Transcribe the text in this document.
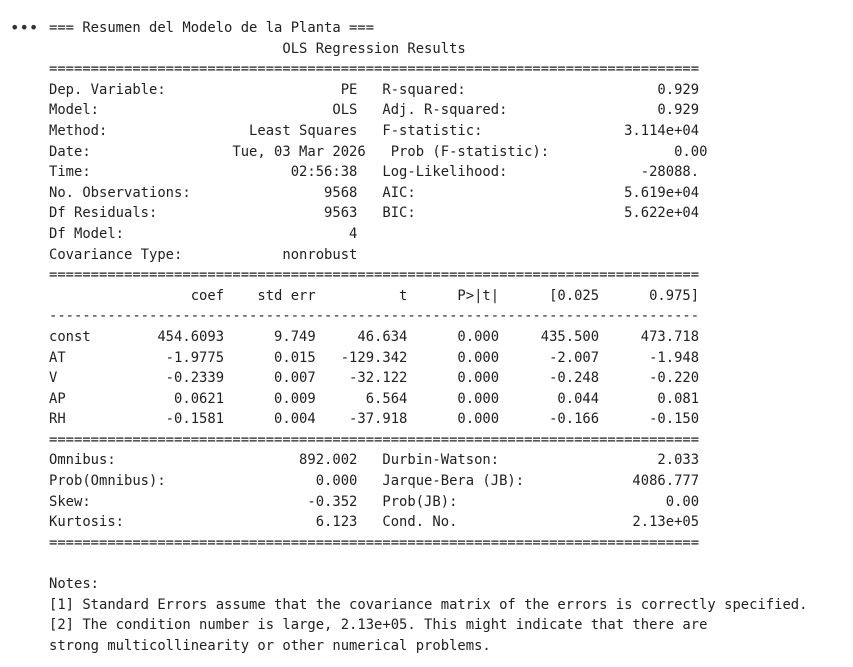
••• === Resumen del Modelo de la Planta ===
OLS Regression Results
==============================================================================
Dep. Variable:                     PE   R-squared:                       0.929
Model:                            OLS   Adj. R-squared:                  0.929
Method:                 Least Squares   F-statistic:                 3.114e+04
Date:                 Tue, 03 Mar 2026   Prob (F-statistic):               0.00
Time:                        02:56:38   Log-Likelihood:                -28088.
No. Observations:                9568   AIC:                         5.619e+04
Df Residuals:                    9563   BIC:                         5.622e+04
Df Model:                           4
Covariance Type:            nonrobust
==============================================================================
coef    std err          t      P>|t|      [0.025      0.975]
------------------------------------------------------------------------------
const        454.6093      9.749     46.634      0.000     435.500     473.718
AT            -1.9775      0.015   -129.342      0.000      -2.007      -1.948
V             -0.2339      0.007    -32.122      0.000      -0.248      -0.220
AP             0.0621      0.009      6.564      0.000       0.044       0.081
RH            -0.1581      0.004    -37.918      0.000      -0.166      -0.150
==============================================================================
Omnibus:                      892.002   Durbin-Watson:                   2.033
Prob(Omnibus):                  0.000   Jarque-Bera (JB):             4086.777
Skew:                          -0.352   Prob(JB):                         0.00
Kurtosis:                       6.123   Cond. No.                     2.13e+05
==============================================================================
Notes:
[1] Standard Errors assume that the covariance matrix of the errors is correctly specified.
[2] The condition number is large, 2.13e+05. This might indicate that there are
strong multicollinearity or other numerical problems.
